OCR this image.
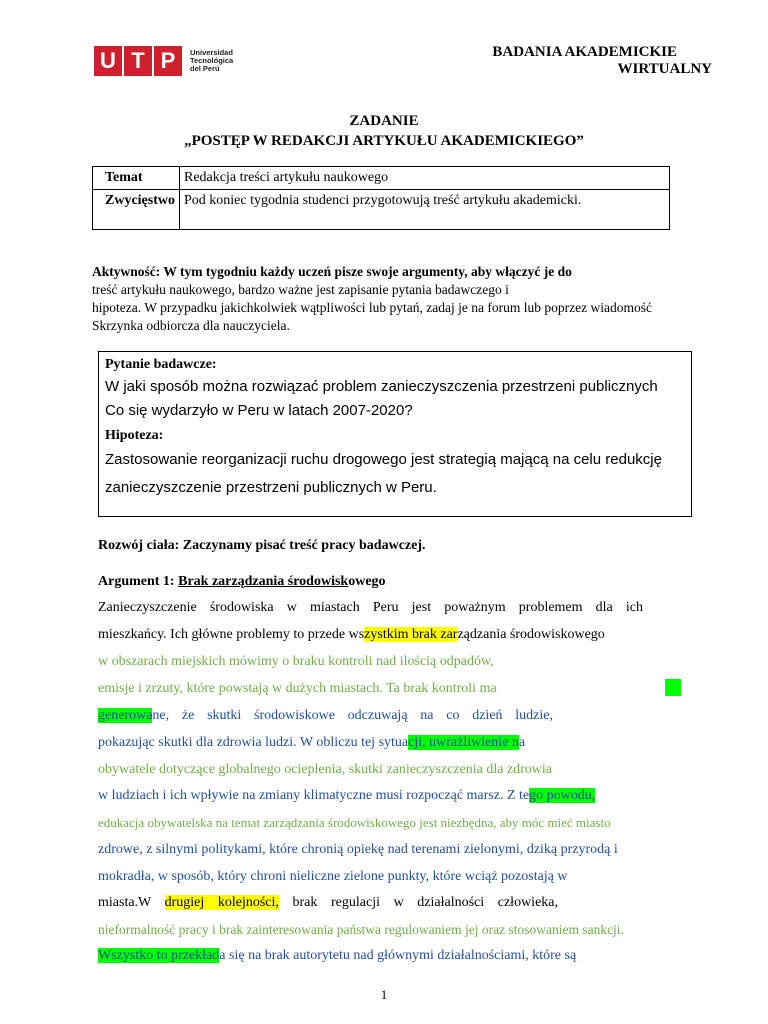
U T P	Universidad
Tecnológica
del Perú
BADANIA AKADEMICKIE
WIRTUALNY
ZADANIE
„POSTĘP W REDAKCJI ARTYKUŁU AKADEMICKIEGO”
Temat	Redakcja treści artykułu naukowego
Zwycięstwo	Pod koniec tygodnia studenci przygotowują treść artykułu akademicki.
Aktywność: W tym tygodniu każdy uczeń pisze swoje argumenty, aby włączyć je do
treść artykułu naukowego, bardzo ważne jest zapisanie pytania badawczego i
hipoteza. W przypadku jakichkolwiek wątpliwości lub pytań, zadaj je na forum lub poprzez wiadomość
Skrzynka odbiorcza dla nauczyciela.
Pytanie badawcze:
W jaki sposób można rozwiązać problem zanieczyszczenia przestrzeni publicznych
Co się wydarzyło w Peru w latach 2007-2020?
Hipoteza:
Zastosowanie reorganizacji ruchu drogowego jest strategią mającą na celu redukcję
zanieczyszczenie przestrzeni publicznych w Peru.
Rozwój ciała: Zaczynamy pisać treść pracy badawczej.
Argument 1: Brak zarządzania środowiskowego
Zanieczyszczenie środowiska w miastach Peru jest poważnym problemem dla ich
mieszkańcy. Ich główne problemy to przede wszystkim brak zarządzania środowiskowego
w obszarach miejskich mówimy o braku kontroli nad ilością odpadów,
emisje i zrzuty, które powstają w dużych miastach. Ta brak kontroli ma
generowane, że skutki środowiskowe odczuwają na co dzień ludzie,
pokazując skutki dla zdrowia ludzi. W obliczu tej sytuacji, uwrażliwienie na
obywatele dotyczące globalnego ocieplenia, skutki zanieczyszczenia dla zdrowia
w ludziach i ich wpływie na zmiany klimatyczne musi rozpocząć marsz. Z tego powodu,
edukacja obywatelska na temat zarządzania środowiskowego jest niezbędna, aby móc mieć miasto
zdrowe, z silnymi politykami, które chronią opiekę nad terenami zielonymi, dziką przyrodą i
mokradła, w sposób, który chroni nieliczne zielone punkty, które wciąż pozostają w
miasta.W drugiej kolejności, brak regulacji w działalności człowieka,
nieformalność pracy i brak zainteresowania państwa regulowaniem jej oraz stosowaniem sankcji.
Wszystko to przekłada się na brak autorytetu nad głównymi działalnościami, które są
1
